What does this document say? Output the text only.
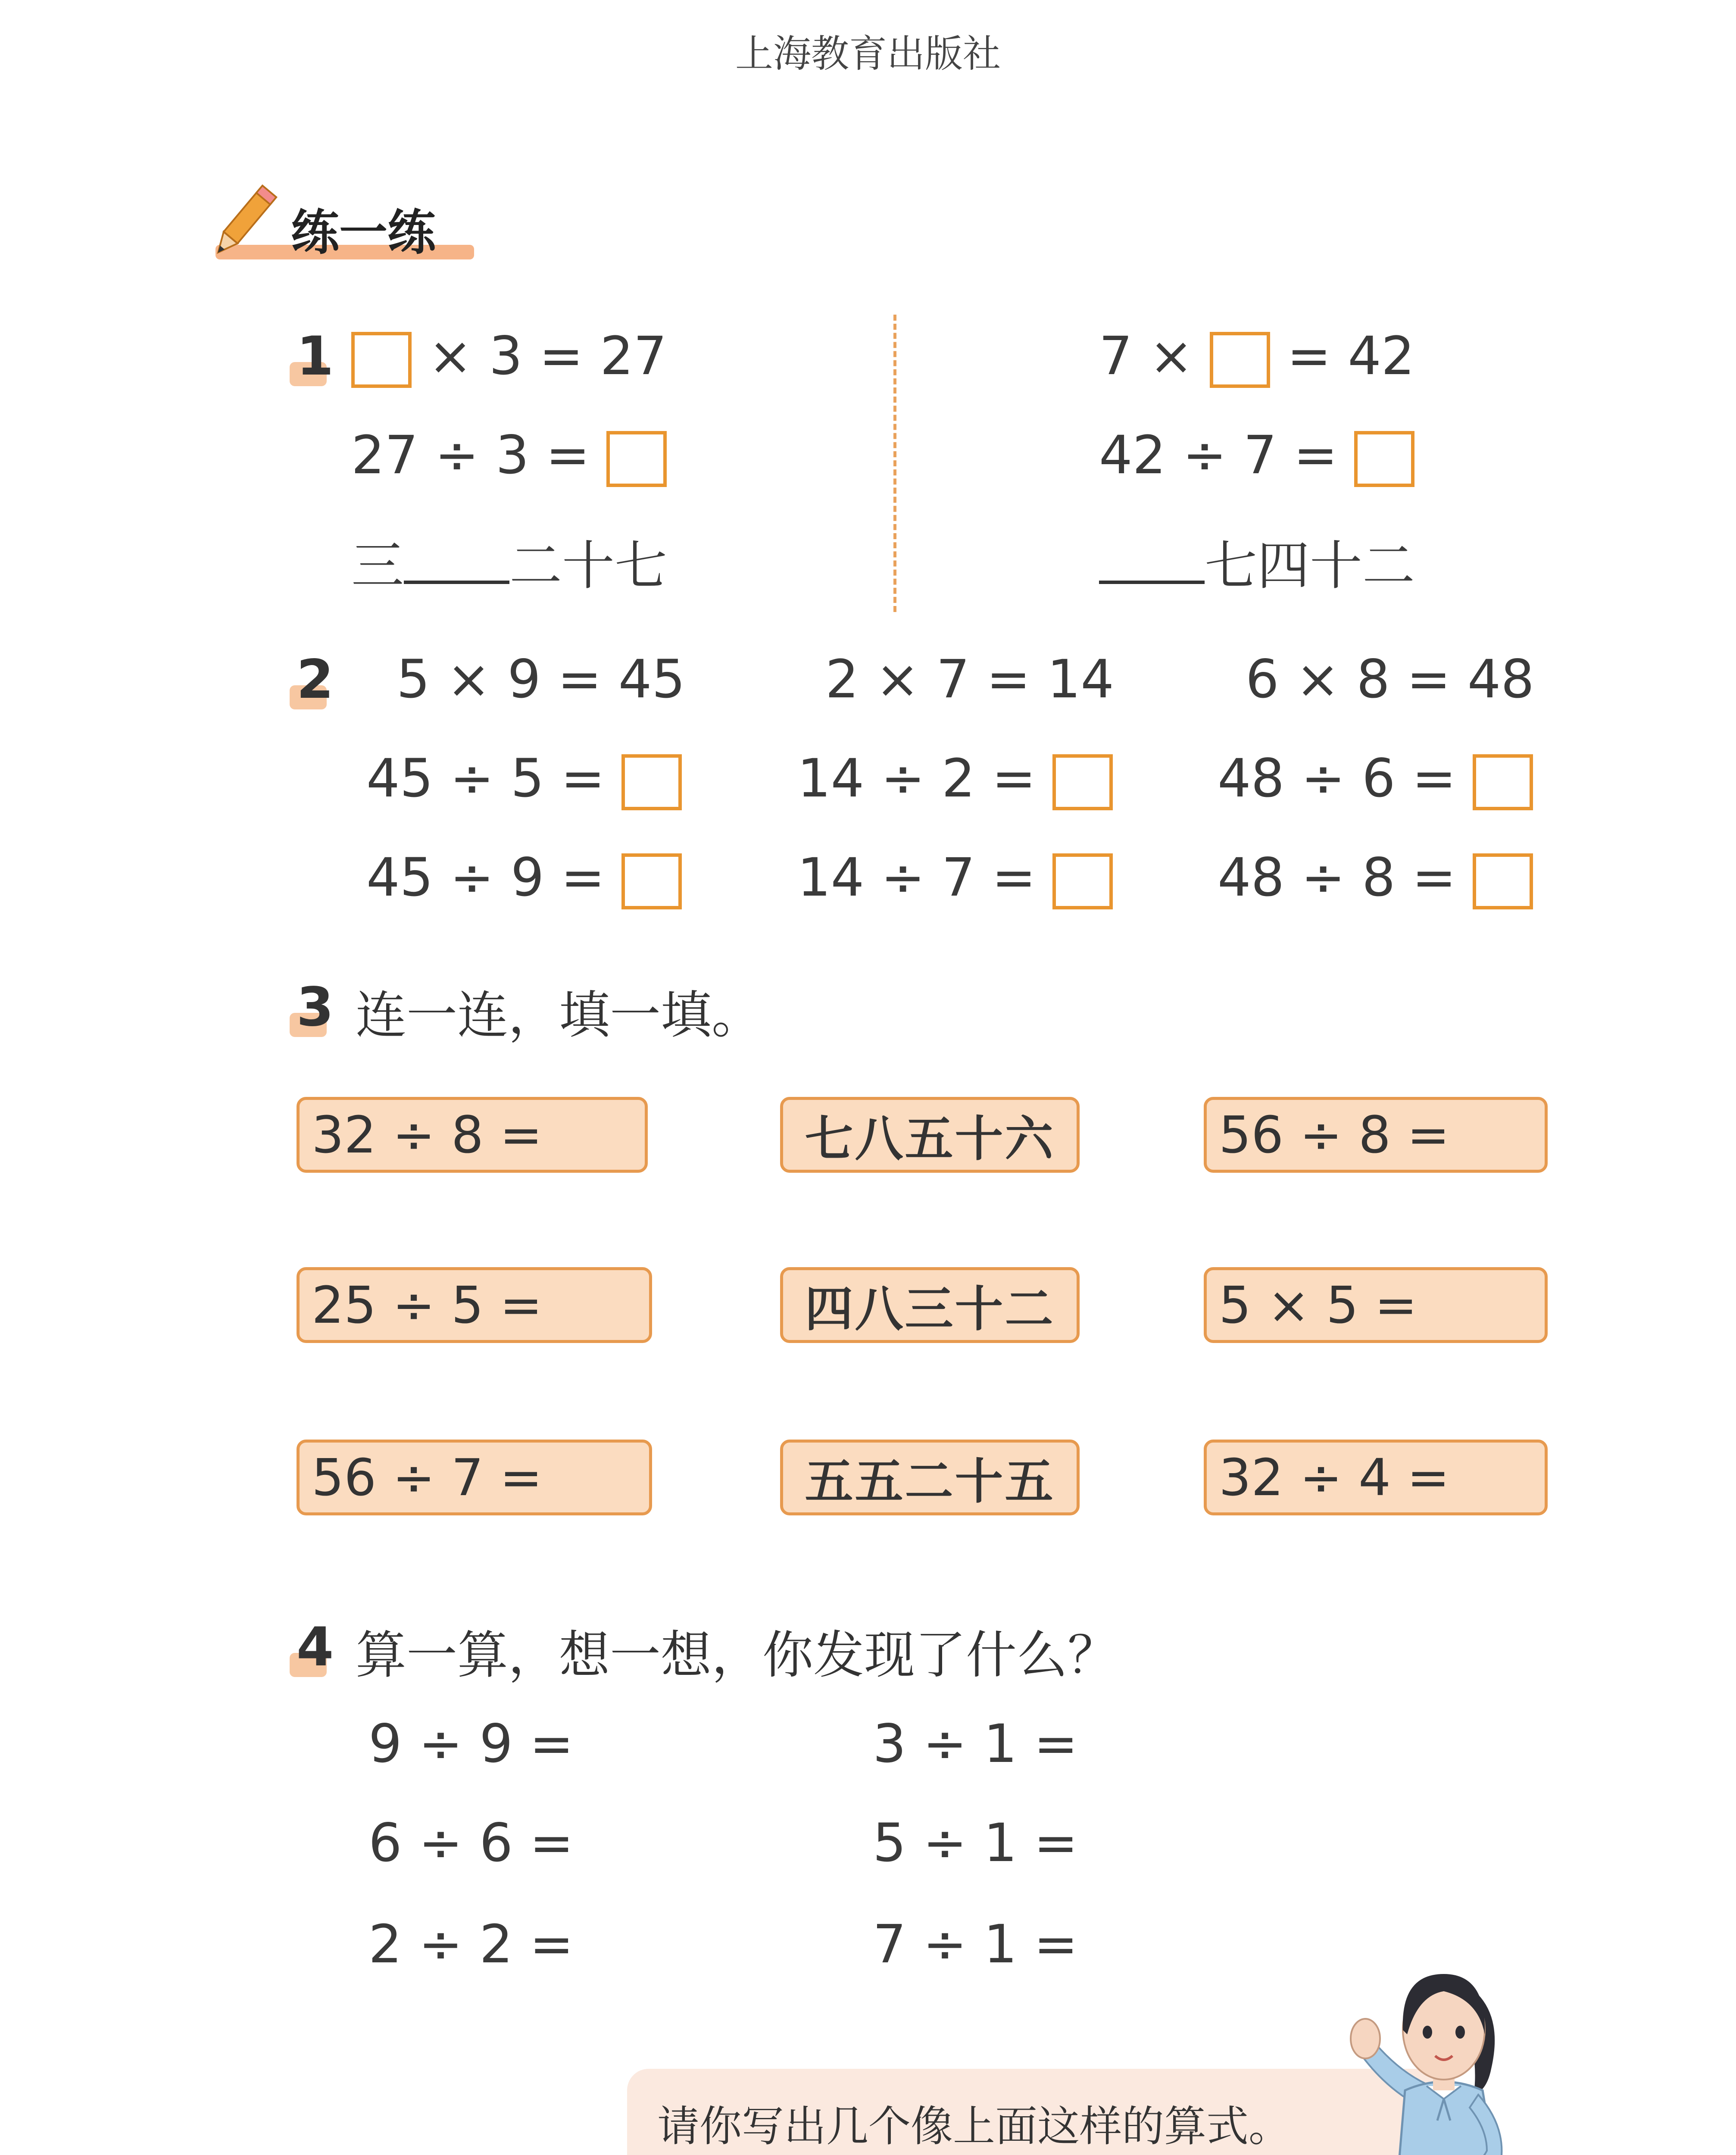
上海教育出版社
练一练
1	× 3 = 27
27 ÷ 3 =
三 二十七
7 × = 42
42 ÷ 7 =
七四十二
2 5 × 9 = 45
45 ÷ 5 =
45 ÷ 9 =
2 × 7 = 14
14 ÷ 2 =
14 ÷ 7 =
6 × 8 = 48
48 ÷ 6 =
48 ÷ 8 =
3 连一连，填一填。
32 ÷ 8 =
25 ÷ 5 =
56 ÷ 7 =
七八五十六
四八三十二
五五二十五
56 ÷ 8 =
5 × 5 =
32 ÷ 4 =
4 算一算，想一想，你发现了什么？
9 ÷ 9 =
6 ÷ 6 =
2 ÷ 2 =
3 ÷ 1 =
5 ÷ 1 =
7 ÷ 1 =
请你写出几个像上面这样的算式。
